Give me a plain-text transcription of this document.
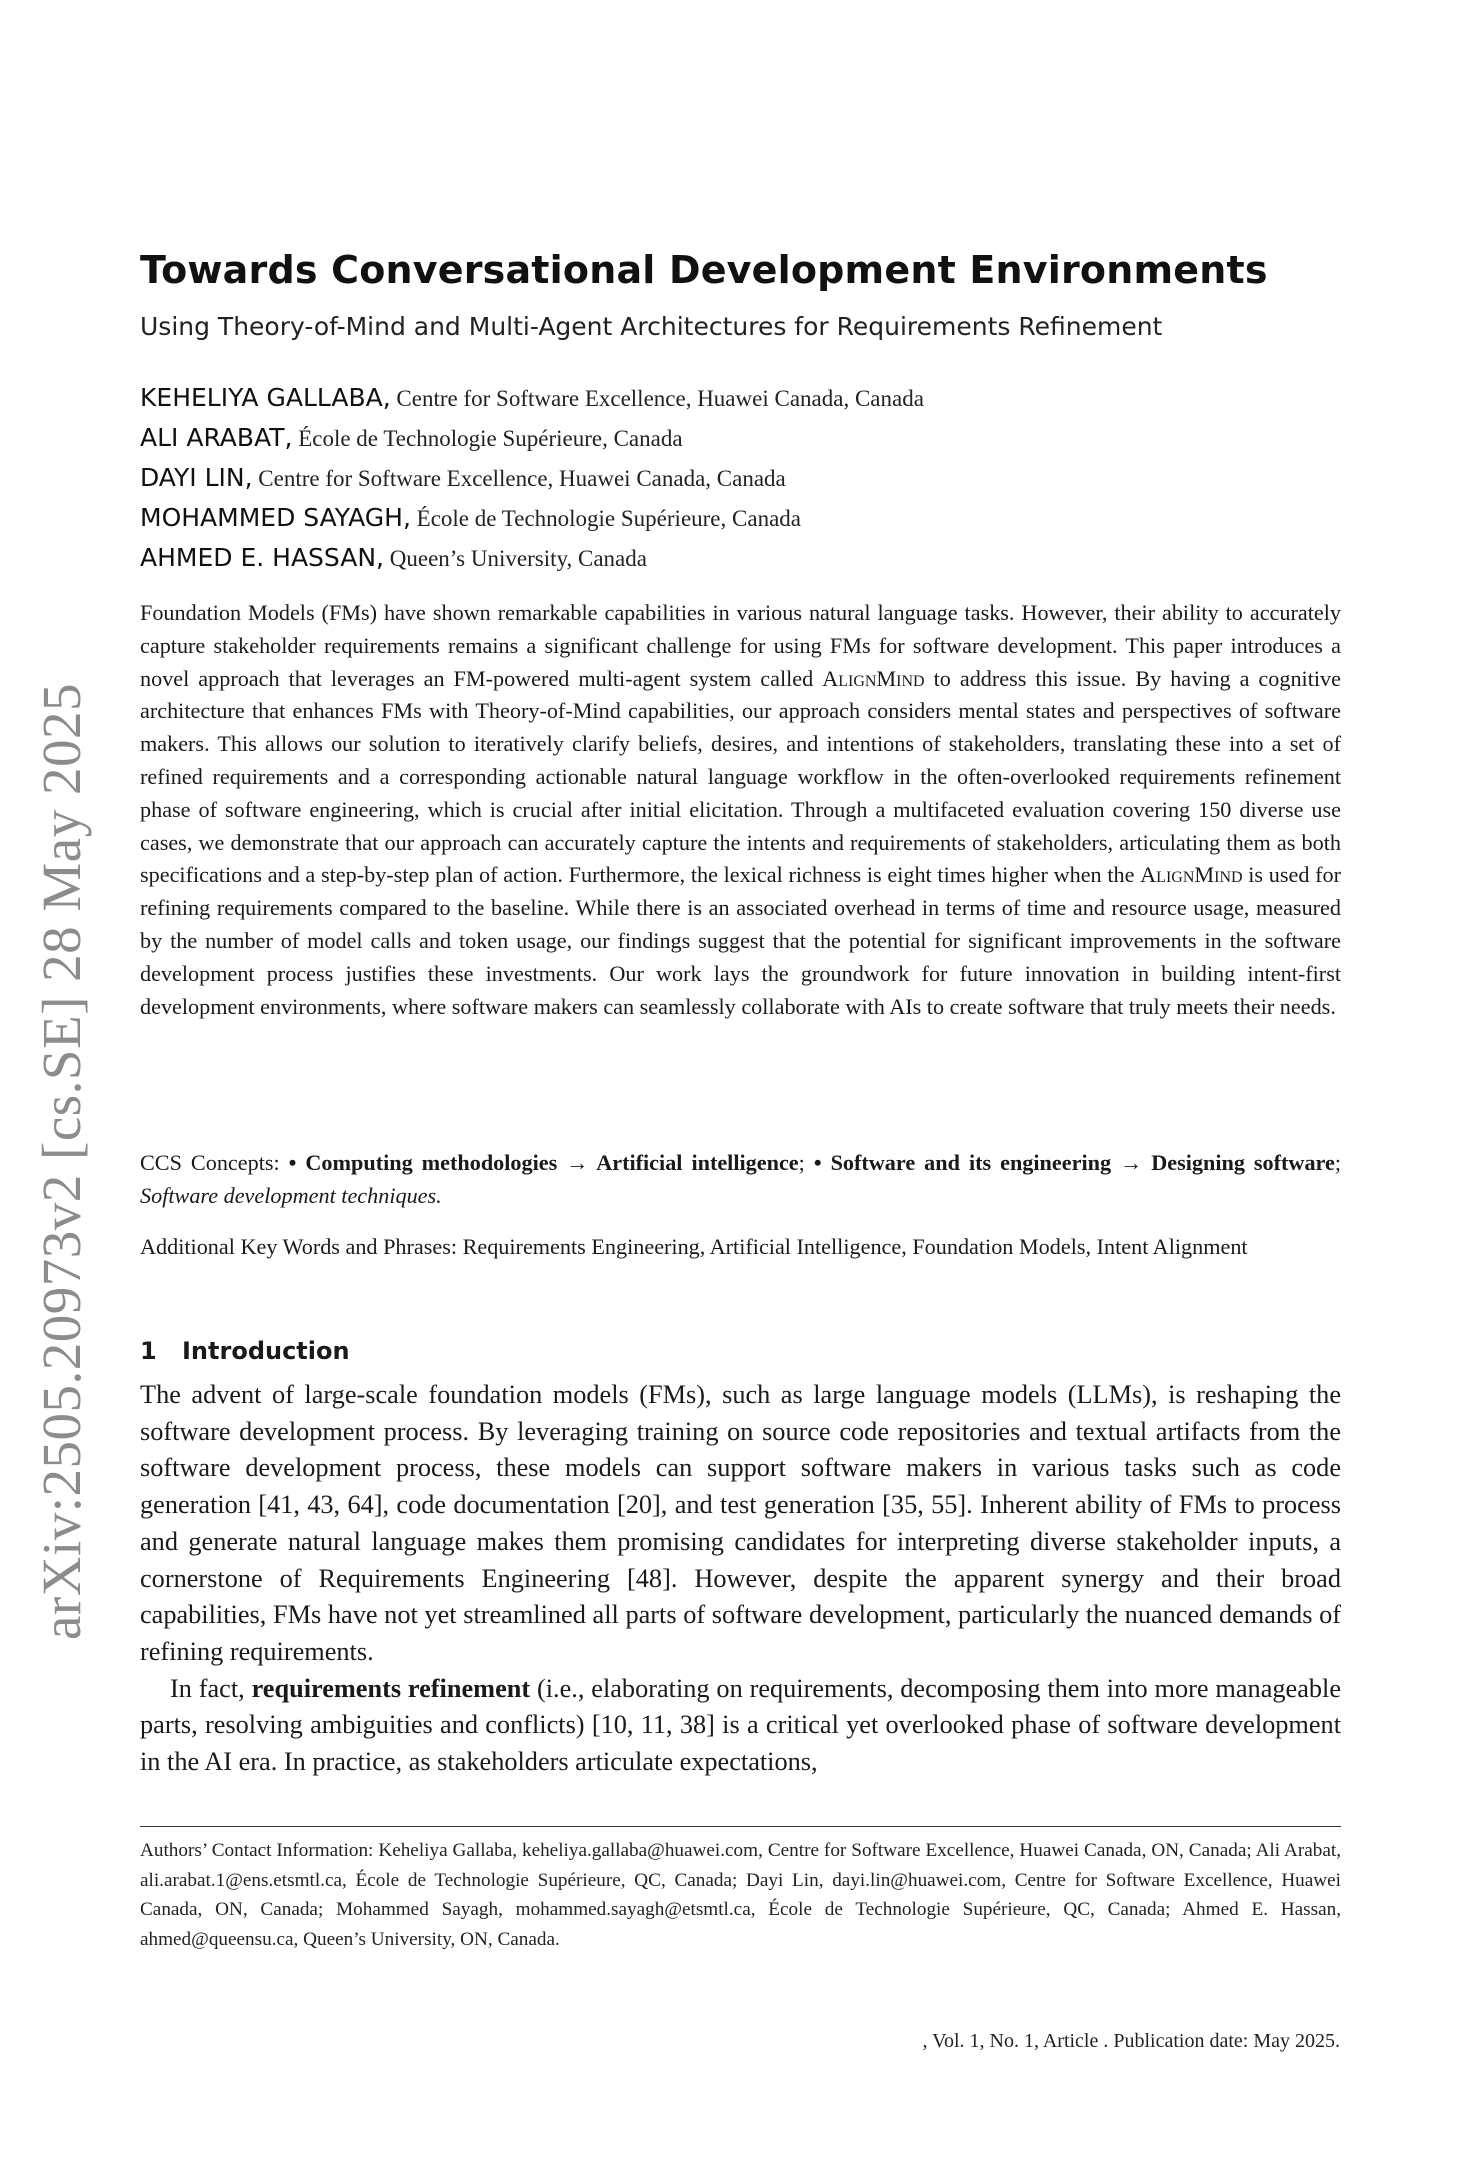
arXiv:2505.20973v2 [cs.SE] 28 May 2025
Towards Conversational Development Environments
Using Theory-of-Mind and Multi-Agent Architectures for Requirements Refinement
KEHELIYA GALLABA, Centre for Software Excellence, Huawei Canada, Canada
ALI ARABAT, École de Technologie Supérieure, Canada
DAYI LIN, Centre for Software Excellence, Huawei Canada, Canada
MOHAMMED SAYAGH, École de Technologie Supérieure, Canada
AHMED E. HASSAN, Queen’s University, Canada
Foundation Models (FMs) have shown remarkable capabilities in various natural language tasks. However, their ability to accurately capture stakeholder requirements remains a significant challenge for using FMs for software development. This paper introduces a novel approach that leverages an FM-powered multi-agent system called AlignMind to address this issue. By having a cognitive architecture that enhances FMs with Theory-of-Mind capabilities, our approach considers mental states and perspectives of software makers. This allows our solution to iteratively clarify beliefs, desires, and intentions of stakeholders, translating these into a set of refined requirements and a corresponding actionable natural language workflow in the often-overlooked requirements refinement phase of software engineering, which is crucial after initial elicitation. Through a multifaceted evaluation covering 150 diverse use cases, we demonstrate that our approach can accurately capture the intents and requirements of stakeholders, articulating them as both specifications and a step-by-step plan of action. Furthermore, the lexical richness is eight times higher when the AlignMind is used for refining requirements compared to the baseline. While there is an associated overhead in terms of time and resource usage, measured by the number of model calls and token usage, our findings suggest that the potential for significant improvements in the software development process justifies these investments. Our work lays the groundwork for future innovation in building intent-first development environments, where software makers can seamlessly collaborate with AIs to create software that truly meets their needs.
CCS Concepts: • Computing methodologies → Artificial intelligence; • Software and its engineering → Designing software; Software development techniques.
Additional Key Words and Phrases: Requirements Engineering, Artificial Intelligence, Foundation Models, Intent Alignment
1 Introduction

The advent of large-scale foundation models (FMs), such as large language models (LLMs), is reshaping the software development process. By leveraging training on source code repositories and textual artifacts from the software development process, these models can support software makers in various tasks such as code generation [41, 43, 64], code documentation [20], and test generation [35, 55]. Inherent ability of FMs to process and generate natural language makes them promising candidates for interpreting diverse stakeholder inputs, a cornerstone of Requirements Engineering [48]. However, despite the apparent synergy and their broad capabilities, FMs have not yet streamlined all parts of software development, particularly the nuanced demands of refining requirements.

In fact, requirements refinement (i.e., elaborating on requirements, decomposing them into more manageable parts, resolving ambiguities and conflicts) [10, 11, 38] is a critical yet overlooked phase of software development in the AI era. In practice, as stakeholders articulate expectations,

Authors’ Contact Information: Keheliya Gallaba, keheliya.gallaba@huawei.com, Centre for Software Excellence, Huawei Canada, ON, Canada; Ali Arabat, ali.arabat.1@ens.etsmtl.ca, École de Technologie Supérieure, QC, Canada; Dayi Lin, dayi.lin@huawei.com, Centre for Software Excellence, Huawei Canada, ON, Canada; Mohammed Sayagh, mohammed.sayagh@etsmtl.ca, École de Technologie Supérieure, QC, Canada; Ahmed E. Hassan, ahmed@queensu.ca, Queen’s University, ON, Canada.
, Vol. 1, No. 1, Article . Publication date: May 2025.
